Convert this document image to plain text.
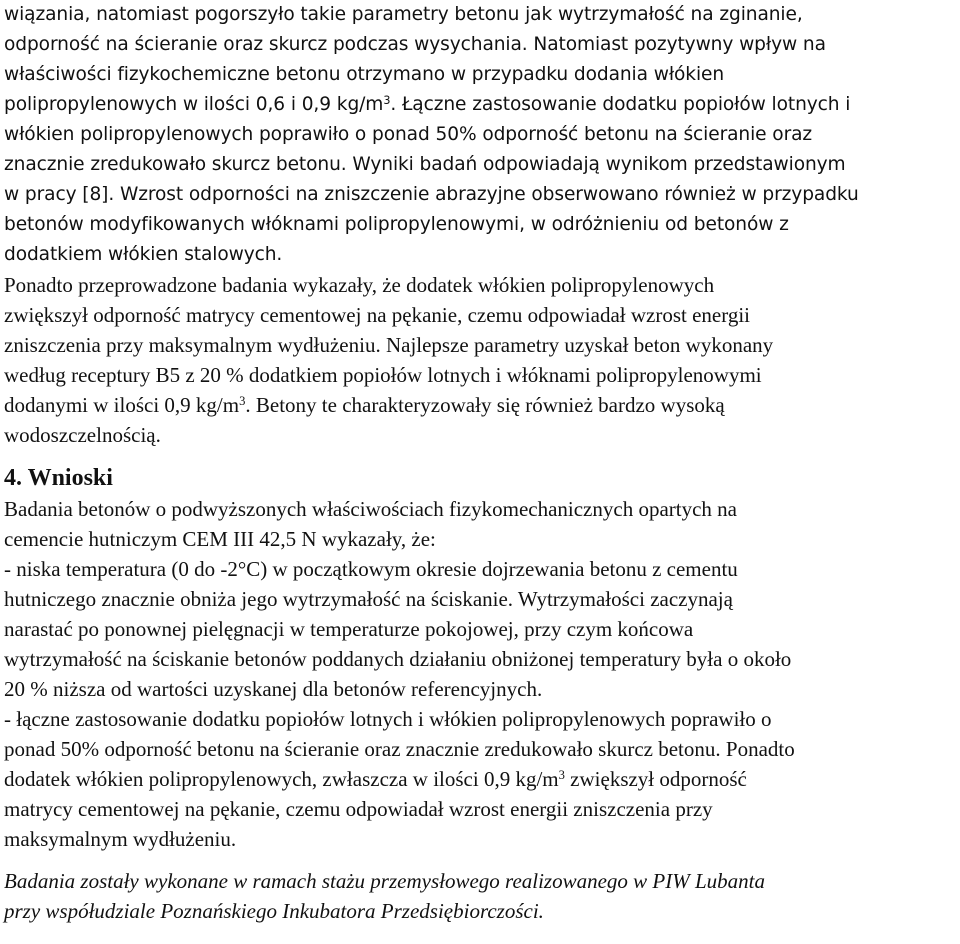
wiązania, natomiast pogorszyło takie parametry betonu jak wytrzymałość na zginanie,
odporność na ścieranie oraz skurcz podczas wysychania. Natomiast pozytywny wpływ na
właściwości fizykochemiczne betonu otrzymano w przypadku dodania włókien
polipropylenowych w ilości 0,6 i 0,9 $kg/m^3$. Łączne zastosowanie dodatku popiołów lotnych i
włókien polipropylenowych poprawiło o ponad 50% odporność betonu na ścieranie oraz
znacznie zredukowało skurcz betonu. Wyniki badań odpowiadają wynikom przedstawionym
w pracy [8]. Wzrost odporności na zniszczenie abrazyjne obserwowano również w przypadku
betonów modyfikowanych włóknami polipropylenowymi, w odróżnieniu od betonów z
dodatkiem włókien stalowych.
Ponadto przeprowadzone badania wykazały, że dodatek włókien polipropylenowych
zwiększył odporność matrycy cementowej na pękanie, czemu odpowiadał wzrost energii
zniszczenia przy maksymalnym wydłużeniu. Najlepsze parametry uzyskał beton wykonany
według receptury B5 z 20 % dodatkiem popiołów lotnych i włóknami polipropylenowymi
dodanymi w ilości 0,9 $kg/m^3$. Betony te charakteryzowały się również bardzo wysoką
wodoszczelnością.
4. Wnioski
Badania betonów o podwyższonych właściwościach fizykomechanicznych opartych na
cemencie hutniczym CEM III 42,5 N wykazały, że:
- niska temperatura (0 do -2°C) w początkowym okresie dojrzewania betonu z cementu
hutniczego znacznie obniża jego wytrzymałość na ściskanie. Wytrzymałości zaczynają
narastać po ponownej pielęgnacji w temperaturze pokojowej, przy czym końcowa
wytrzymałość na ściskanie betonów poddanych działaniu obniżonej temperatury była o około
20 % niższa od wartości uzyskanej dla betonów referencyjnych.
- łączne zastosowanie dodatku popiołów lotnych i włókien polipropylenowych poprawiło o
ponad 50% odporność betonu na ścieranie oraz znacznie zredukowało skurcz betonu. Ponadto
dodatek włókien polipropylenowych, zwłaszcza w ilości 0,9 $kg/m^3$ zwiększył odporność
matrycy cementowej na pękanie, czemu odpowiadał wzrost energii zniszczenia przy
maksymalnym wydłużeniu.
Badania zostały wykonane w ramach stażu przemysłowego realizowanego w PIW Lubanta
przy współudziale Poznańskiego Inkubatora Przedsiębiorczości.
